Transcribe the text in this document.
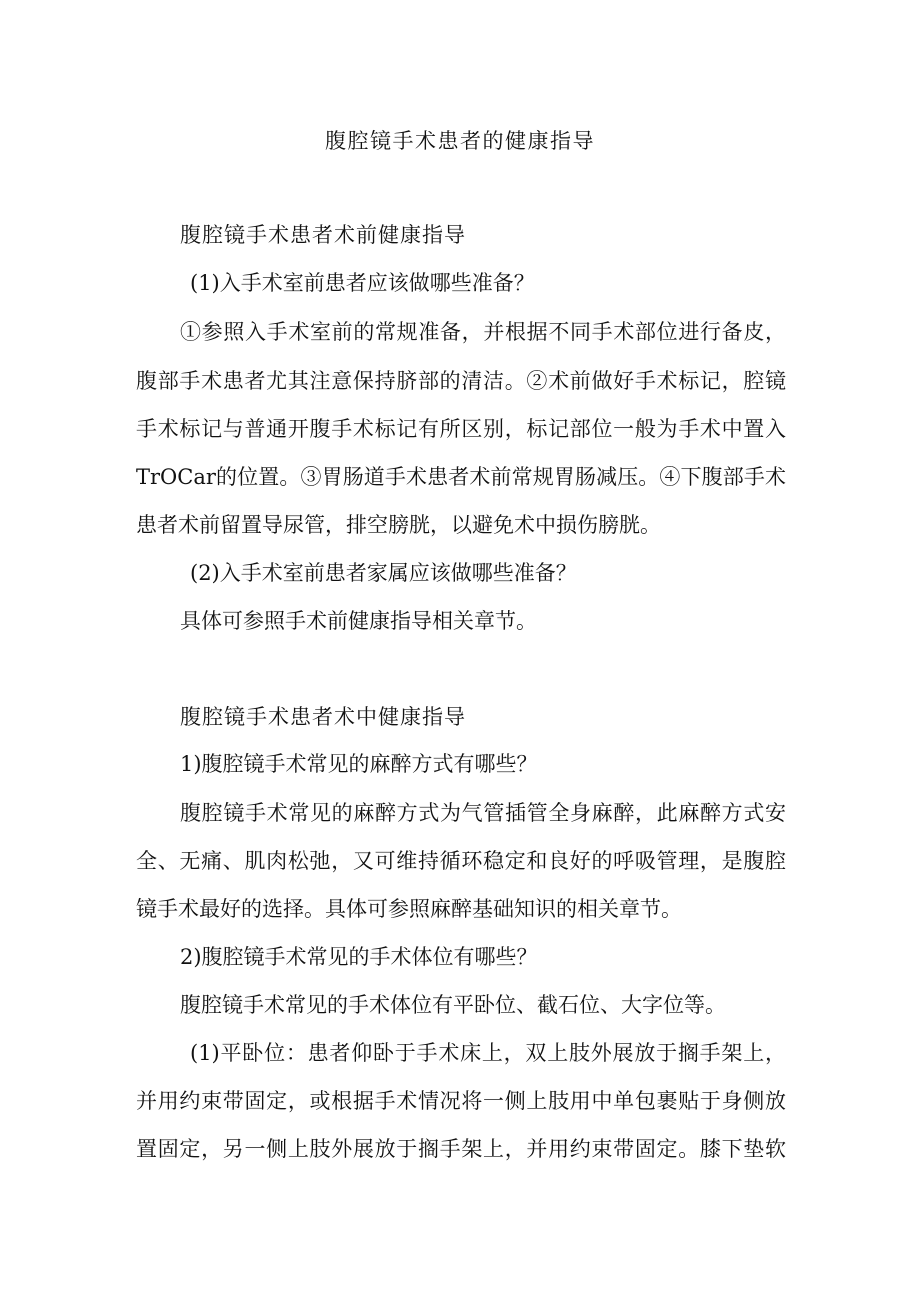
腹腔镜手术患者的健康指导
腹腔镜手术患者术前健康指导
(1)入手术室前患者应该做哪些准备？
①参照入手术室前的常规准备，并根据不同手术部位进行备皮，
腹部手术患者尤其注意保持脐部的清洁。②术前做好手术标记，腔镜
手术标记与普通开腹手术标记有所区别，标记部位一般为手术中置入
TrOCar的位置。③胃肠道手术患者术前常规胃肠减压。④下腹部手术
患者术前留置导尿管，排空膀胱，以避免术中损伤膀胱。
(2)入手术室前患者家属应该做哪些准备？
具体可参照手术前健康指导相关章节。
腹腔镜手术患者术中健康指导
1)腹腔镜手术常见的麻醉方式有哪些？
腹腔镜手术常见的麻醉方式为气管插管全身麻醉，此麻醉方式安
全、无痛、肌肉松弛，又可维持循环稳定和良好的呼吸管理，是腹腔
镜手术最好的选择。具体可参照麻醉基础知识的相关章节。
2)腹腔镜手术常见的手术体位有哪些？
腹腔镜手术常见的手术体位有平卧位、截石位、大字位等。
(1)平卧位：患者仰卧于手术床上，双上肢外展放于搁手架上，
并用约束带固定，或根据手术情况将一侧上肢用中单包裹贴于身侧放
置固定，另一侧上肢外展放于搁手架上，并用约束带固定。膝下垫软
